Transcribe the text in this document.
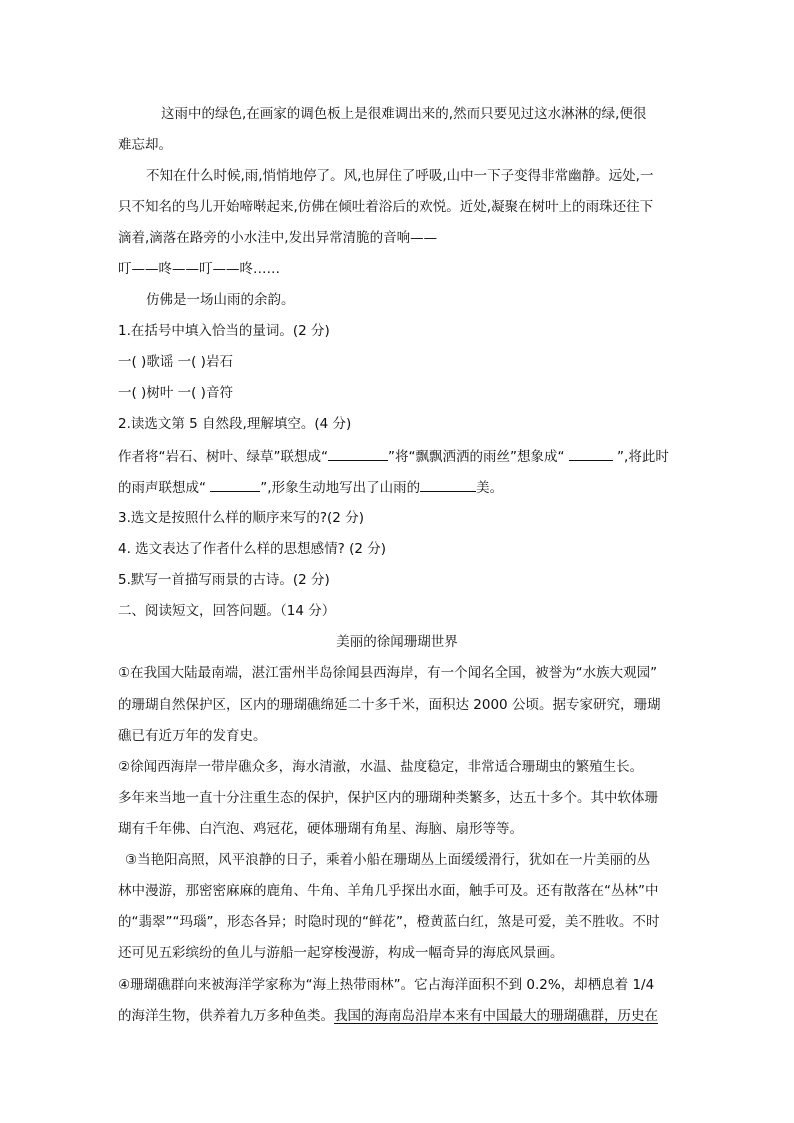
这雨中的绿色,在画家的调色板上是很难调出来的,然而只要见过这水淋淋的绿,便很
难忘却。
不知在什么时候,雨,悄悄地停了。风,也屏住了呼吸,山中一下子变得非常幽静。远处,一
只不知名的鸟儿开始啼啭起来,仿佛在倾吐着浴后的欢悦。近处,凝聚在树叶上的雨珠还往下
滴着,滴落在路旁的小水洼中,发出异常清脆的音响——
叮——咚——叮——咚……
仿佛是一场山雨的余韵。
1.在括号中填入恰当的量词。(2 分)
一( )歌谣 一( )岩石
一( )树叶 一( )音符
2.读选文第 5 自然段,理解填空。(4 分)
作者将“岩石、树叶、绿草”联想成“	”将“飘飘洒洒的雨丝”想象成“	”,将此时
的雨声联想成“	”,形象生动地写出了山雨的	美。
3.选文是按照什么样的顺序来写的?(2 分)
4. 选文表达了作者什么样的思想感情? (2 分)
5.默写一首描写雨景的古诗。(2 分)
二、阅读短文，回答问题。（14 分）
美丽的徐闻珊瑚世界
①在我国大陆最南端，湛江雷州半岛徐闻县西海岸，有一个闻名全国，被誉为“水族大观园”
的珊瑚自然保护区，区内的珊瑚礁绵延二十多千米，面积达 2000 公顷。据专家研究，珊瑚
礁已有近万年的发育史。
②徐闻西海岸一带岸礁众多，海水清澈，水温、盐度稳定，非常适合珊瑚虫的繁殖生长。
多年来当地一直十分注重生态的保护，保护区内的珊瑚种类繁多，达五十多个。其中软体珊
瑚有千年佛、白汽泡、鸡冠花，硬体珊瑚有角星、海脑、扇形等等。
③当艳阳高照，风平浪静的日子，乘着小船在珊瑚丛上面缓缓滑行，犹如在一片美丽的丛
林中漫游，那密密麻麻的鹿角、牛角、羊角几乎探出水面，触手可及。还有散落在“丛林”中
的“翡翠”“玛瑙”，形态各异；时隐时现的“鲜花”，橙黄蓝白红，煞是可爱，美不胜收。不时
还可见五彩缤纷的鱼儿与游船一起穿梭漫游，构成一幅奇异的海底风景画。
④珊瑚礁群向来被海洋学家称为“海上热带雨林”。它占海洋面积不到 0.2%，却栖息着 1/4
的海洋生物，供养着九万多种鱼类。我国的海南岛沿岸本来有中国最大的珊瑚礁群，历史在
